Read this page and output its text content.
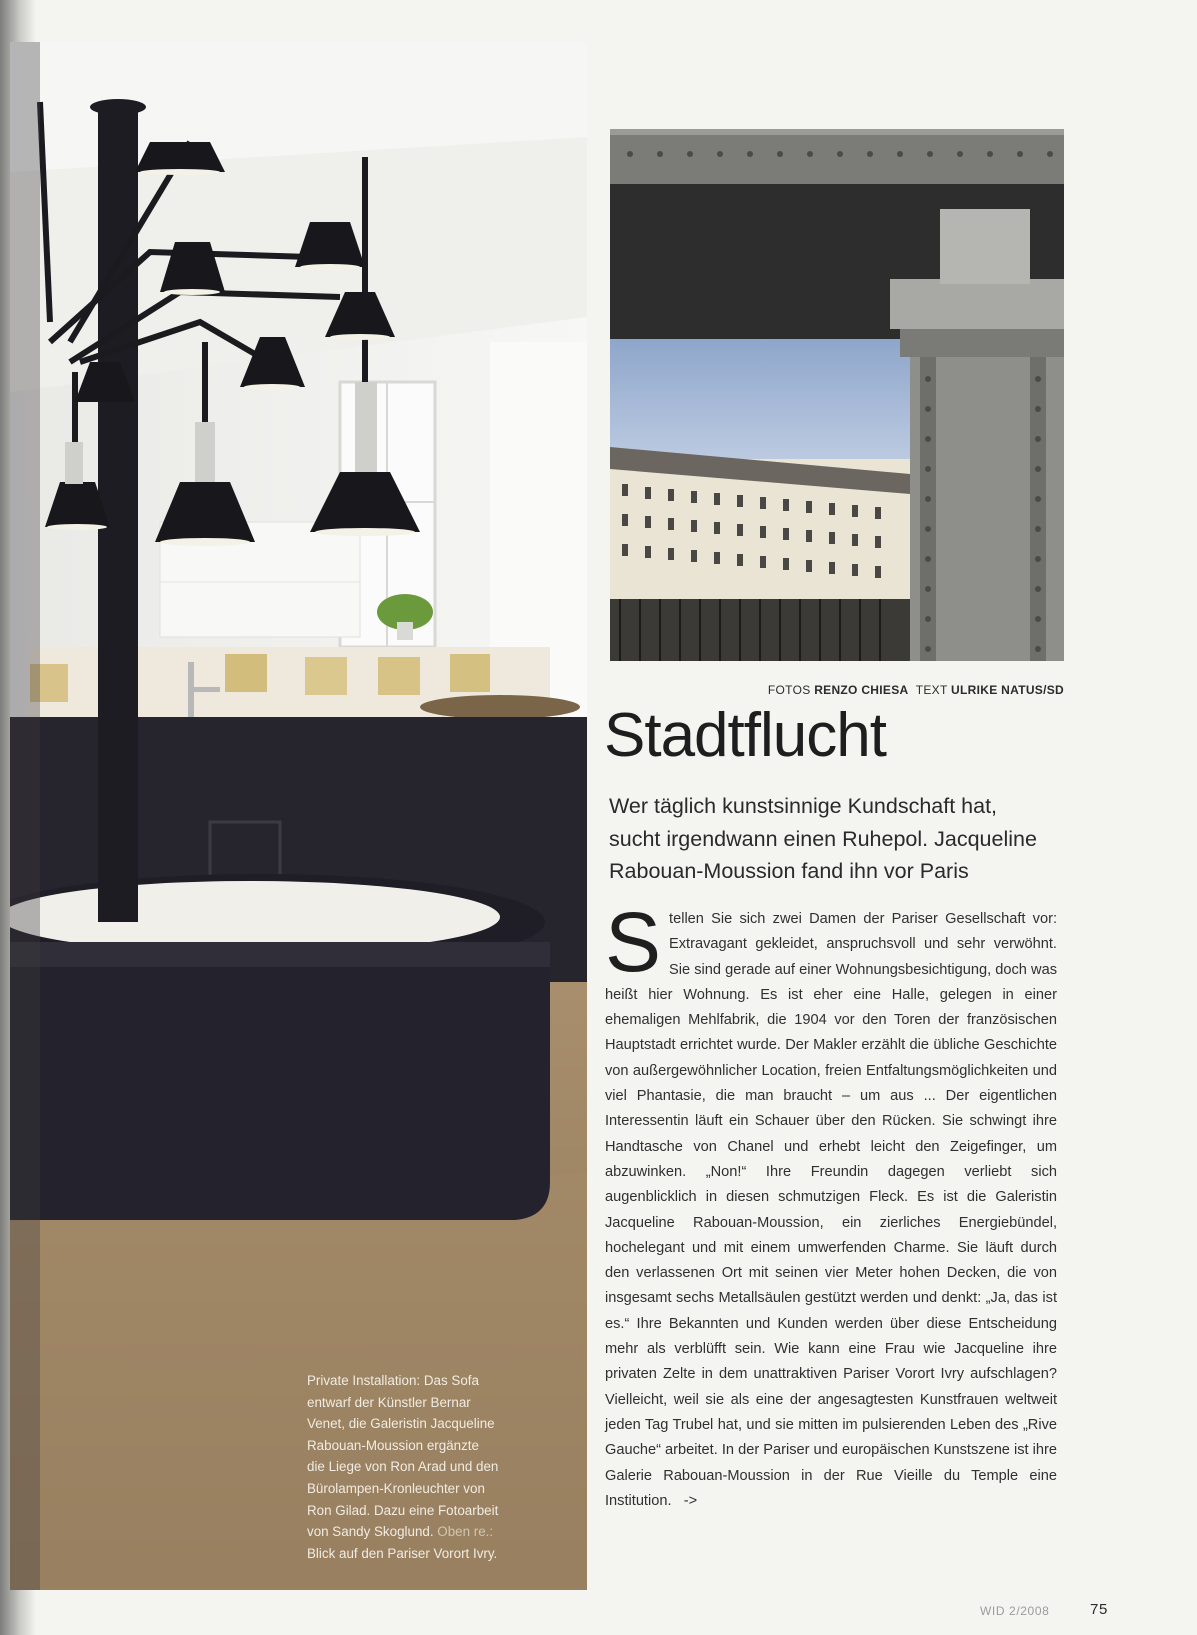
Private Installation: Das Sofa
entwarf der Künstler Bernar
Venet, die Galeristin Jacqueline
Rabouan-Moussion ergänzte
die Liege von Ron Arad und den
Bürolampen-Kronleuchter von
Ron Gilad. Dazu eine Fotoarbeit
von Sandy Skoglund. Oben re.:
Blick auf den Pariser Vorort Ivry.
FOTOS RENZO CHIESA TEXT ULRIKE NATUS/SD
Stadtflucht
Wer täglich kunstsinnige Kundschaft hat,
sucht irgendwann einen Ruhepol. Jacqueline
Rabouan-Moussion fand ihn vor Paris
Stellen Sie sich zwei Damen der Pariser Gesellschaft vor: Extravagant gekleidet, anspruchsvoll und sehr verwöhnt. Sie sind gerade auf einer Wohnungsbesichtigung, doch was heißt hier Wohnung. Es ist eher eine Halle, gelegen in einer ehemaligen Mehlfabrik, die 1904 vor den Toren der französischen Hauptstadt errichtet wurde. Der Makler erzählt die übliche Geschichte von außergewöhnlicher Location, freien Entfaltungsmöglichkeiten und viel Phantasie, die man braucht – um aus ... Der eigentlichen Interessentin läuft ein Schauer über den Rücken. Sie schwingt ihre Handtasche von Chanel und erhebt leicht den Zeigefinger, um abzuwinken. „Non!“ Ihre Freundin dagegen verliebt sich augenblicklich in diesen schmutzigen Fleck. Es ist die Galeristin Jacqueline Rabouan-Moussion, ein zierliches Energiebündel, hochelegant und mit einem umwerfenden Charme. Sie läuft durch den verlassenen Ort mit seinen vier Meter hohen Decken, die von insgesamt sechs Metallsäulen gestützt werden und denkt: „Ja, das ist es.“ Ihre Bekannten und Kunden werden über diese Entscheidung mehr als verblüfft sein. Wie kann eine Frau wie Jacqueline ihre privaten Zelte in dem unattraktiven Pariser Vorort Ivry aufschlagen? Vielleicht, weil sie als eine der angesagtesten Kunstfrauen weltweit jeden Tag Trubel hat, und sie mitten im pulsierenden Leben des „Rive Gauche“ arbeitet. In der Pariser und europäischen Kunstszene ist ihre Galerie Rabouan-Moussion in der Rue Vieille du Temple eine Institution. ->
WID 2/2008	75
